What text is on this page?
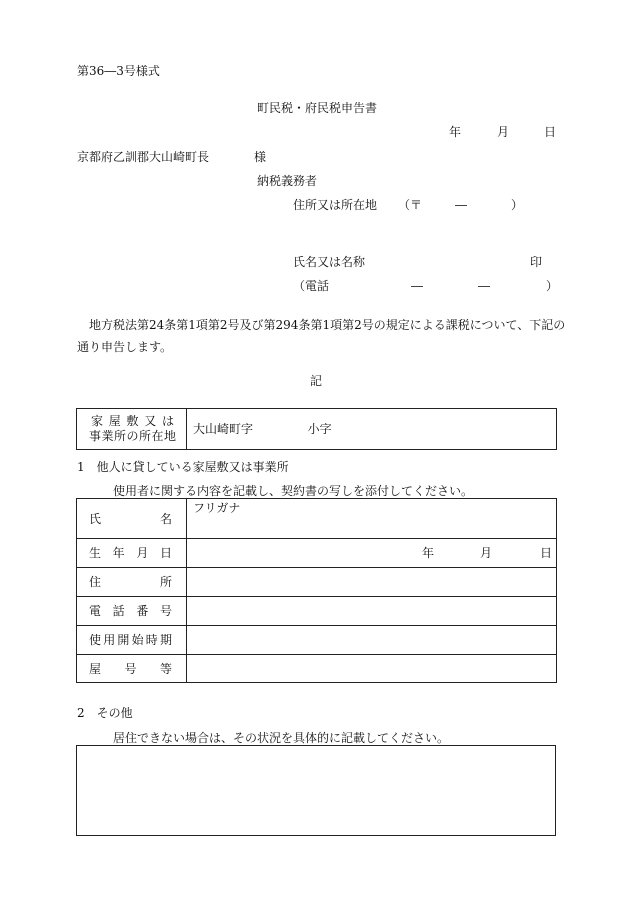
第36―3号様式
町民税・府民税申告書
年	月	日
京都府乙訓郡大山崎町長	様
納税義務者
住所又は所在地 （〒	―	）
氏名又は名称	印
（電話	―	―	）
地方税法第24条第1項第2号及び第294条第1項第2号の規定による課税について、下記の
通り申告します。
記
家屋敷又は
事業所の所在地	大山崎町字	小字
1　他人に貸している家屋敷又は事業所
使用者に関する内容を記載し、契約書の写しを添付してください。
氏名	フリガナ
生年月日	年 月 日

住所	
電話番号	
使用開始時期	
屋号等	
2　その他
居住できない場合は、その状況を具体的に記載してください。
